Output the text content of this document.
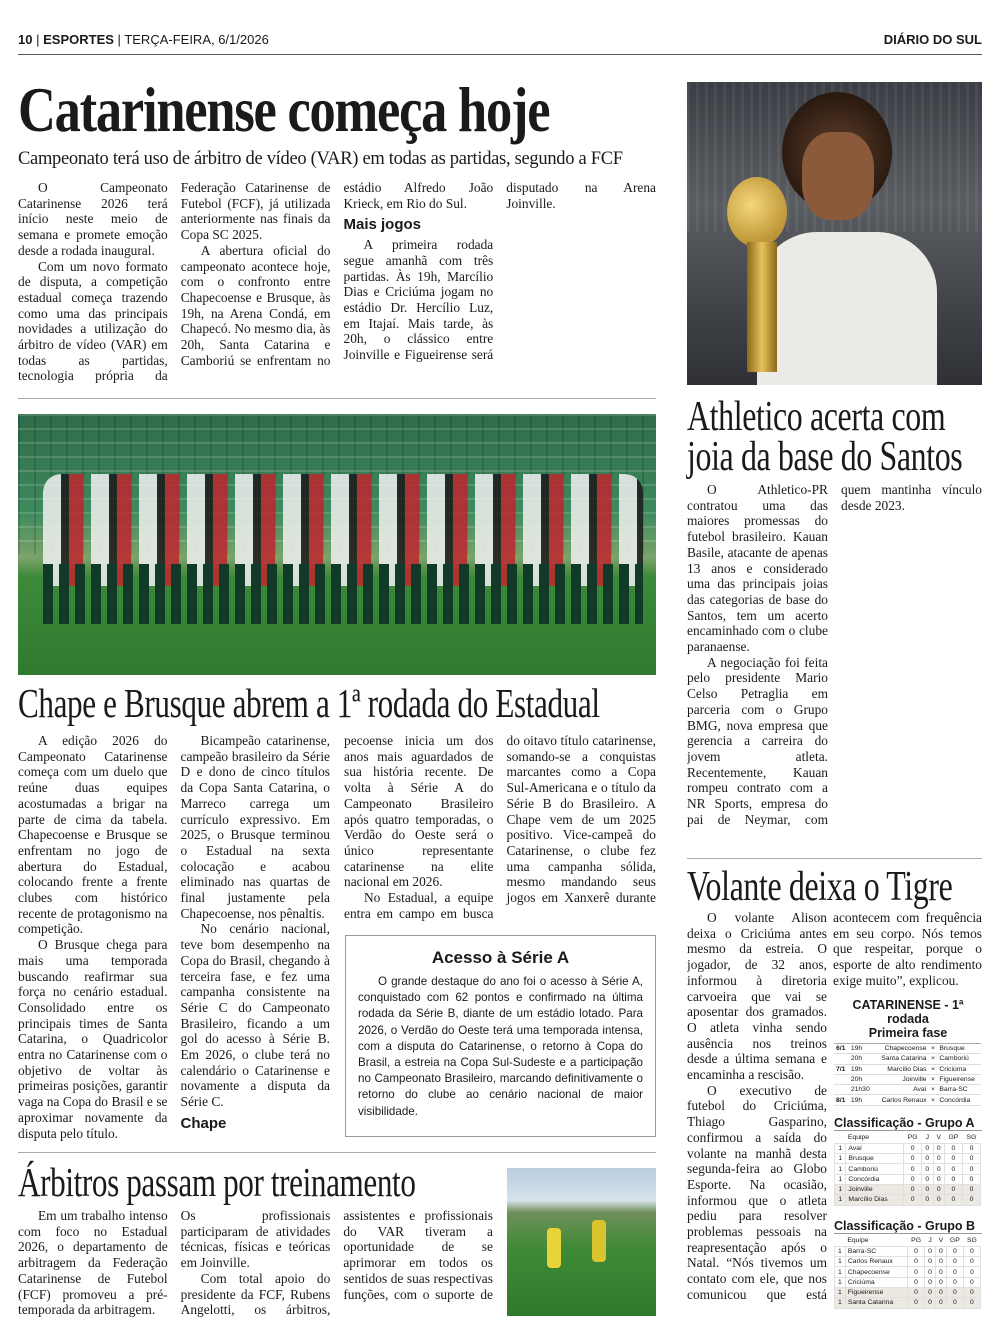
10 | ESPORTES | TERÇA-FEIRA, 6/1/2026	DIÁRIO DO SUL
Catarinense começa hoje
Campeonato terá uso de árbitro de vídeo (VAR) em todas as partidas, segundo a FCF

O Campeonato Catarinense 2026 terá início neste meio de semana e promete emoção desde a rodada inaugural.

Com um novo formato de disputa, a competição estadual começa trazendo como uma das principais novidades a utilização do árbitro de vídeo (VAR) em todas as partidas, tecnologia própria da Federação Catarinense de Futebol (FCF), já utilizada anteriormente nas finais da Copa SC 2025.

A abertura oficial do campeonato acontece hoje, com o confronto entre Chapecoense e Brusque, às 19h, na Arena Condá, em Chapecó. No mesmo dia, às 20h, Santa Catarina e Camboriú se enfrentam no estádio Alfredo João Krieck, em Rio do Sul.

Mais jogos

A primeira rodada segue amanhã com três partidas. Às 19h, Marcílio Dias e Criciúma jogam no estádio Dr. Hercílio Luz, em Itajaí. Mais tarde, às 20h, o clássico entre Joinville e Figueirense será disputado na Arena Joinville.

Chape e Brusque abrem a 1ª rodada do Estadual

A edição 2026 do Campeonato Catarinense começa com um duelo que reúne duas equipes acostumadas a brigar na parte de cima da tabela. Chapecoense e Brusque se enfrentam no jogo de abertura do Estadual, colocando frente a frente clubes com histórico recente de protagonismo na competição.

O Brusque chega para mais uma temporada buscando reafirmar sua força no cenário estadual. Consolidado entre os principais times de Santa Catarina, o Quadricolor entra no Catarinense com o objetivo de voltar às primeiras posições, garantir vaga na Copa do Brasil e se aproximar novamente da disputa pelo título.

Bicampeão catarinense, campeão brasileiro da Série D e dono de cinco títulos da Copa Santa Catarina, o Marreco carrega um currículo expressivo. Em 2025, o Brusque terminou o Estadual na sexta colocação e acabou eliminado nas quartas de final justamente pela Chapecoense, nos pênaltis.

No cenário nacional, teve bom desempenho na Copa do Brasil, chegando à terceira fase, e fez uma campanha consistente na Série C do Campeonato Brasileiro, ficando a um gol do acesso à Série B. Em 2026, o clube terá no calendário o Catarinense e novamente a disputa da Série C.

Chape

pecoense inicia um dos anos mais aguardados de sua história recente. De volta à Série A do Campeonato Brasileiro após quatro temporadas, o Verdão do Oeste será o único representante catarinense na elite nacional em 2026.

No Estadual, a equipe entra em campo em busca do oitavo título catarinense, somando-se a conquistas marcantes como a Copa Sul-Americana e o título da Série B do Brasileiro. A Chape vem de um 2025 positivo. Vice-campeã do Catarinense, o clube fez uma campanha sólida, mesmo mandando seus jogos em Xanxerê durante

Acesso à Série A

O grande destaque do ano foi o acesso à Série A, conquistado com 62 pontos e confirmado na última rodada da Série B, diante de um estádio lotado. Para 2026, o Verdão do Oeste terá uma temporada intensa, com a disputa do Catarinense, o retorno à Copa do Brasil, a estreia na Copa Sul-Sudeste e a participação no Campeonato Brasileiro, marcando definitivamente o retorno do clube ao cenário nacional de maior visibilidade.

Árbitros passam por treinamento

Em um trabalho intenso com foco no Estadual 2026, o departamento de arbitragem da Federação Catarinense de Futebol (FCF) promoveu a pré-temporada da arbitragem.

Os profissionais participaram de atividades técnicas, físicas e teóricas em Joinville.

Com total apoio do presidente da FCF, Rubens Angelotti, os árbitros, assistentes e profissionais do VAR tiveram a oportunidade de se aprimorar em todos os sentidos de suas respectivas funções, com o suporte de

Athletico acerta com
joia da base do Santos

O Athletico-PR contratou uma das maiores promessas do futebol brasileiro. Kauan Basile, atacante de apenas 13 anos e considerado uma das principais joias das categorias de base do Santos, tem um acerto encaminhado com o clube paranaense.

A negociação foi feita pelo presidente Mario Celso Petraglia em parceria com o Grupo BMG, nova empresa que gerencia a carreira do jovem atleta. Recentemente, Kauan rompeu contrato com a NR Sports, empresa do pai de Neymar, com quem mantinha vínculo desde 2023.

Volante deixa o Tigre

O volante Alison deixa o Criciúma antes mesmo da estreia. O jogador, de 32 anos, informou à diretoria carvoeira que vai se aposentar dos gramados. O atleta vinha sendo ausência nos treinos desde a última semana e encaminha a rescisão.

O executivo de futebol do Criciúma, Thiago Gasparino, confirmou a saída do volante na manhã desta segunda-feira ao Globo Esporte. Na ocasião, informou que o atleta pediu para resolver problemas pessoais na reapresentação após o Natal. “Nós tivemos um contato com ele, que nos comunicou que está

acontecem com frequência em seu corpo. Nós temos que respeitar, porque o esporte de alto rendimento exige muito”, explicou.

CATARINENSE - 1ª rodada
Primeira fase
6/1	19h	Chapecoense	×	Brusque
	20h	Santa Catarina	×	Camboriú
7/1	19h	Marcílio Dias	×	Criciúma
	20h	Joinville	×	Figueirense
	21h30	Avaí	×	Barra-SC
8/1	19h	Carlos Renaux	×	Concórdia
Classificação - Grupo A
	Equipe	PG	J	V	GP	SG
1	Avaí	0	0	0	0	0
1	Brusque	0	0	0	0	0
1	Camboriú	0	0	0	0	0
1	Concórdia	0	0	0	0	0
1	Joinville	0	0	0	0	0
1	Marcílio Dias	0	0	0	0	0
Classificação - Grupo B
	Equipe	PG	J	V	GP	SG
1	Barra-SC	0	0	0	0	0
1	Carlos Renaux	0	0	0	0	0
1	Chapecoense	0	0	0	0	0
1	Criciúma	0	0	0	0	0
1	Figueirense	0	0	0	0	0
1	Santa Catarina	0	0	0	0	0
